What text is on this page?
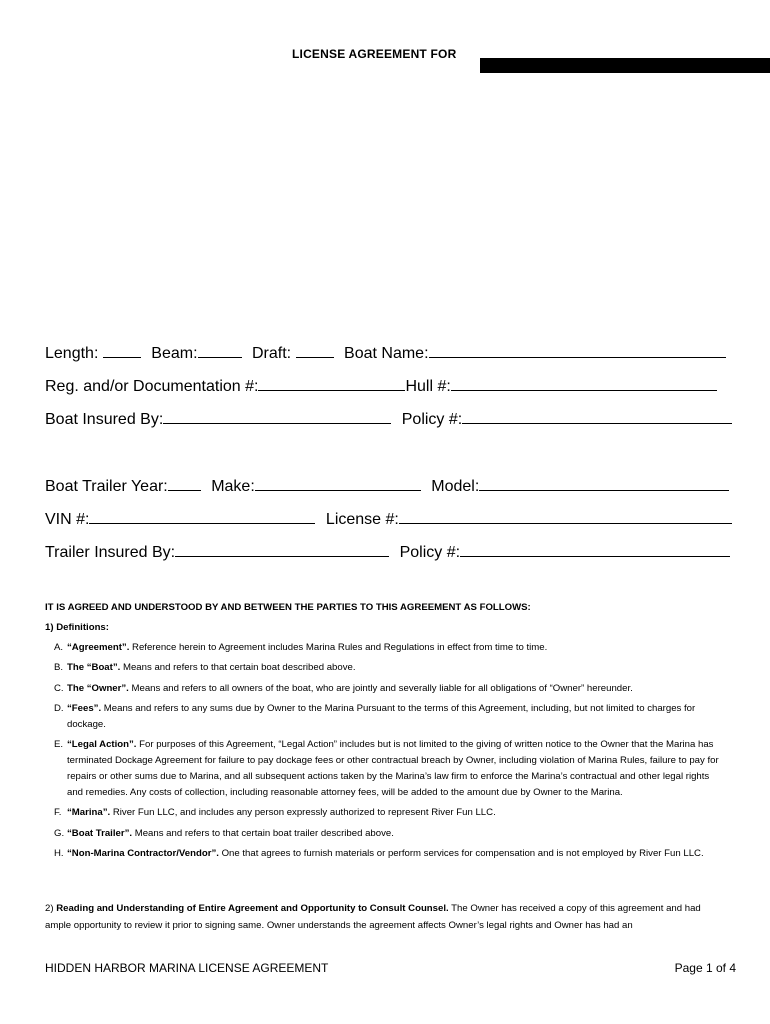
LICENSE AGREEMENT FOR
Length:	Beam:	Draft:	Boat Name:
Reg. and/or Documentation #:	Hull #:
Boat Insured By:	Policy #:
Boat Trailer Year:	Make:	Model:
VIN #:	License #:
Trailer Insured By:	Policy #:
IT IS AGREED AND UNDERSTOOD BY AND BETWEEN THE PARTIES TO THIS AGREEMENT AS FOLLOWS:
1) Definitions:
A. “Agreement”. Reference herein to Agreement includes Marina Rules and Regulations in effect from time to time.
B. The “Boat”. Means and refers to that certain boat described above.
C. The “Owner”. Means and refers to all owners of the boat, who are jointly and severally liable for all obligations of “Owner” hereunder.
D. “Fees”. Means and refers to any sums due by Owner to the Marina Pursuant to the terms of this Agreement, including, but not limited to charges for dockage.
E. “Legal Action”. For purposes of this Agreement, “Legal Action” includes but is not limited to the giving of written notice to the Owner that the Marina has terminated Dockage Agreement for failure to pay dockage fees or other contractual breach by Owner, including violation of Marina Rules, failure to pay for repairs or other sums due to Marina, and all subsequent actions taken by the Marina’s law firm to enforce the Marina’s contractual and other legal rights and remedies. Any costs of collection, including reasonable attorney fees, will be added to the amount due by Owner to the Marina.
F. “Marina”. River Fun LLC, and includes any person expressly authorized to represent River Fun LLC.
G. “Boat Trailer”. Means and refers to that certain boat trailer described above.
H. “Non-Marina Contractor/Vendor”. One that agrees to furnish materials or perform services for compensation and is not employed by River Fun LLC.
2) Reading and Understanding of Entire Agreement and Opportunity to Consult Counsel. The Owner has received a copy of this agreement and had ample opportunity to review it prior to signing same. Owner understands the agreement affects Owner’s legal rights and Owner has had an
HIDDEN HARBOR MARINA LICENSE AGREEMENT	Page 1 of 4
